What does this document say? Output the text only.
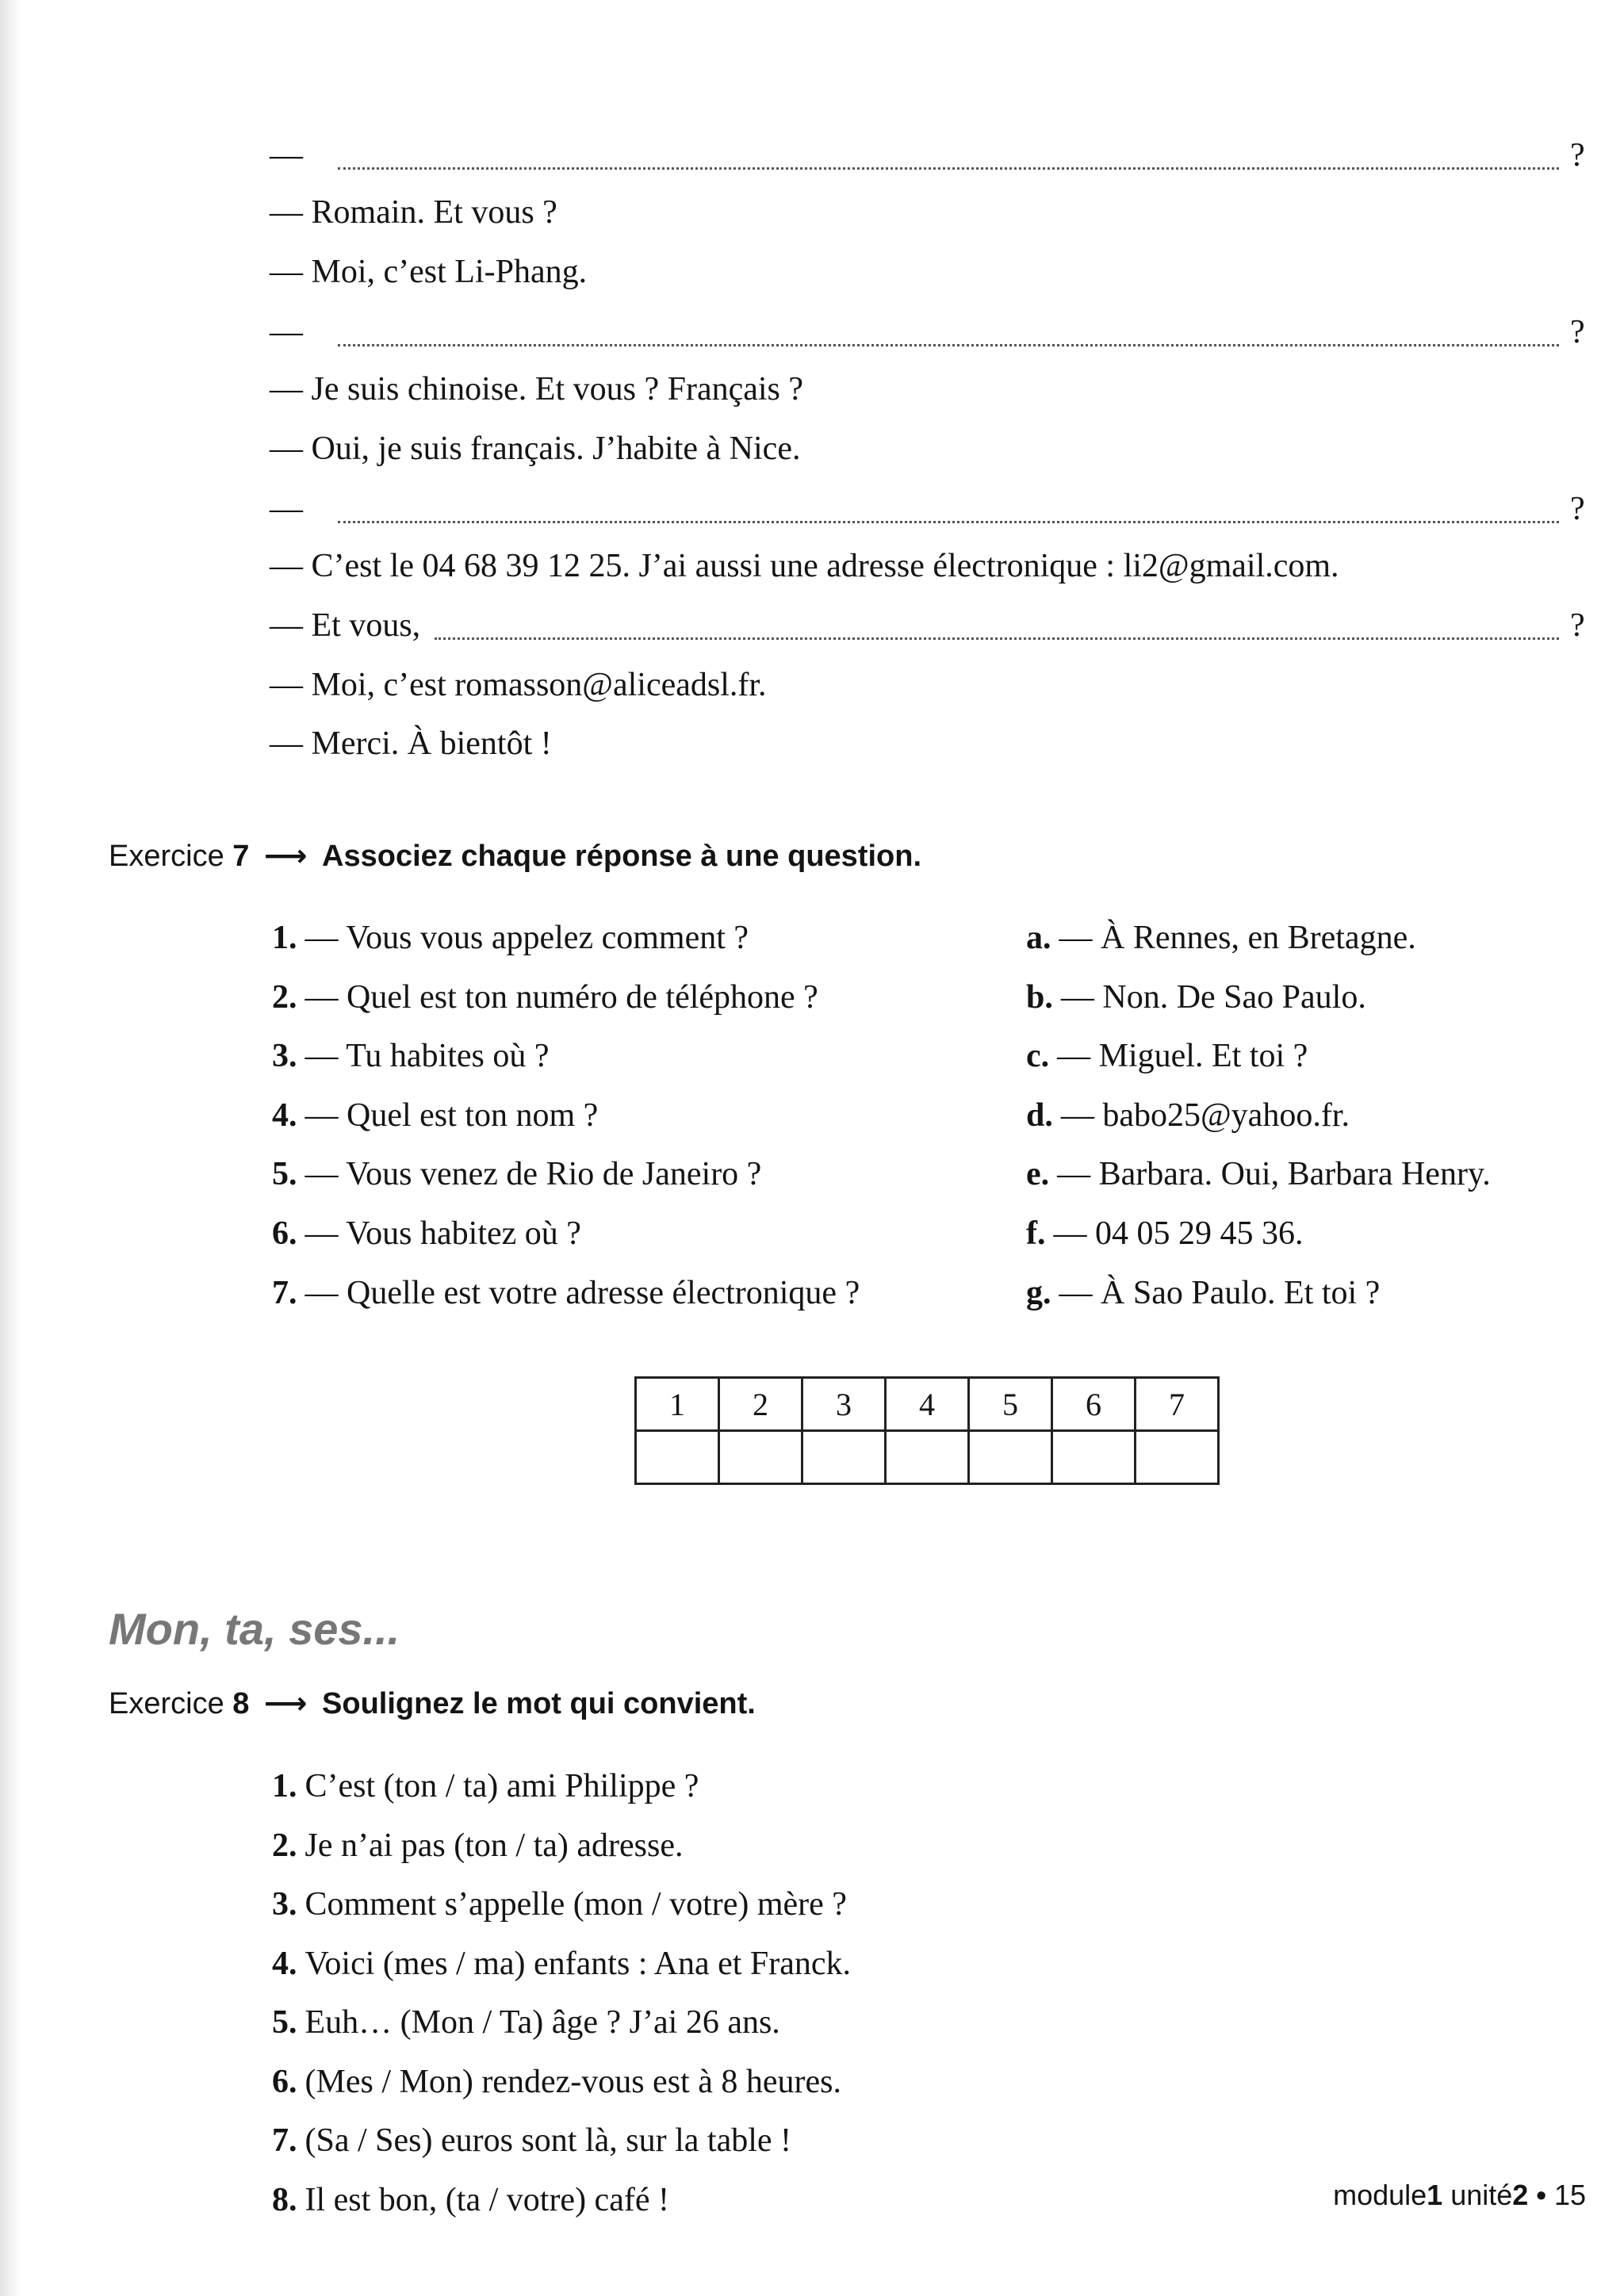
—	?
—
Romain. Et vous ?
—
Moi, c’est Li-Phang.
—	?
—
Je suis chinoise. Et vous ? Français ?
—
Oui, je suis français. J’habite à Nice.
—	?
—
C’est le 04 68 39 12 25. J’ai aussi une adresse électronique : li2@gmail.com.
—
Et vous,	?
—
Moi, c’est romasson@aliceadsl.fr.
—
Merci. À bientôt !
Exercice 7 ⟶ Associez chaque réponse à une question.
1. — Vous vous appelez comment ?
2. — Quel est ton numéro de téléphone ?
3. — Tu habites où ?
4. — Quel est ton nom ?
5. — Vous venez de Rio de Janeiro ?
6. — Vous habitez où ?
7. — Quelle est votre adresse électronique ?
a. — À Rennes, en Bretagne.
b. — Non. De Sao Paulo.
c. — Miguel. Et toi ?
d. — babo25@yahoo.fr.
e. — Barbara. Oui, Barbara Henry.
f. — 04 05 29 45 36.
g. — À Sao Paulo. Et toi ?
1	2	3	4	5	6	7

Mon, ta, ses...
Exercice 8 ⟶ Soulignez le mot qui convient.
1. C’est (ton / ta) ami Philippe ?
2. Je n’ai pas (ton / ta) adresse.
3. Comment s’appelle (mon / votre) mère ?
4. Voici (mes / ma) enfants : Ana et Franck.
5. Euh… (Mon / Ta) âge ? J’ai 26 ans.
6. (Mes / Mon) rendez-vous est à 8 heures.
7. (Sa / Ses) euros sont là, sur la table !
8. Il est bon, (ta / votre) café !	module1 unité2 • 15
